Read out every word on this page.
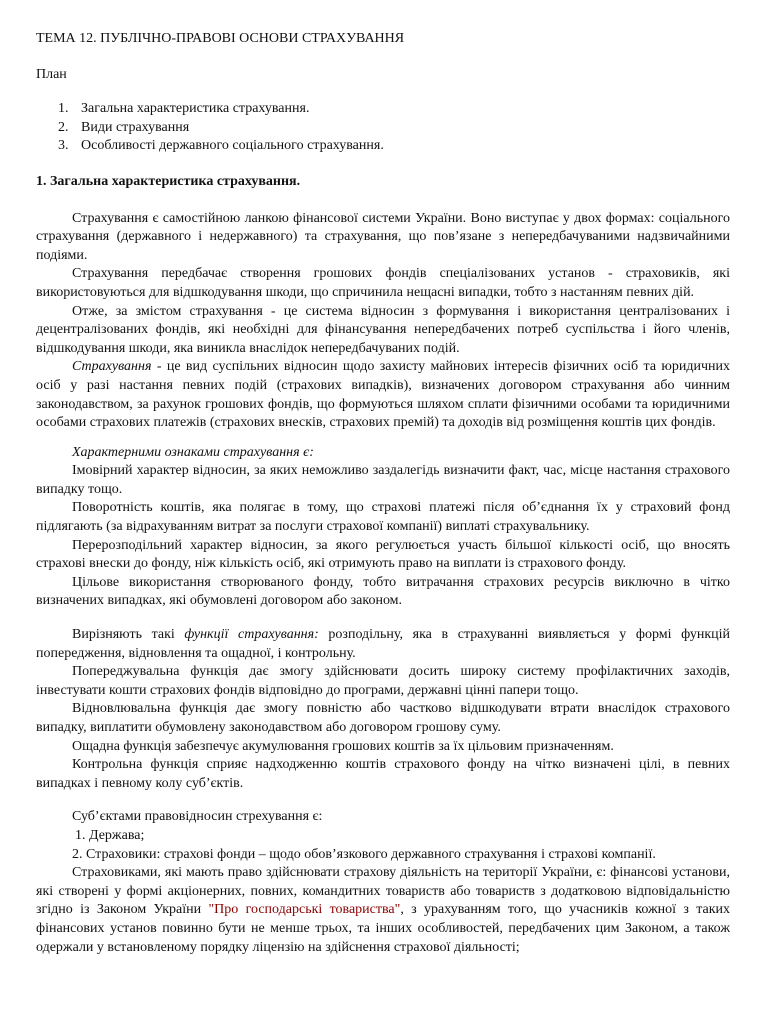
ТЕМА 12. ПУБЛІЧНО-ПРАВОВІ ОСНОВИ СТРАХУВАННЯ

План

1. Загальна характеристика страхування.
2. Види страхування
3. Особливості державного соціального страхування.

1. Загальна характеристика страхування.

Страхування є самостійною ланкою фінансової системи України. Воно виступає у двох формах: соціального страхування (державного і недержавного) та страхування, що пов’язане з непередбачуваними надзвичайними подіями.

Страхування передбачає створення грошових фондів спеціалізованих установ - страховиків, які використовуються для відшкодування шкоди, що спричинила нещасні випадки, тобто з настанням певних дій.

Отже, за змістом страхування - це система відносин з формування і використання централізованих і децентралізованих фондів, які необхідні для фінансування непередбачених потреб суспільства і його членів, відшкодування шкоди, яка виникла внаслідок непередбачуваних подій.

Страхування - це вид суспільних відносин щодо захисту майнових інтересів фізичних осіб та юридичних осіб у разі настання певних подій (страхових випадків), визначених договором страхування або чинним законодавством, за рахунок грошових фондів, що формуються шляхом сплати фізичними особами та юридичними особами страхових платежів (страхових внесків, страхових премій) та доходів від розміщення коштів цих фондів.

Характерними ознаками страхування є:

Імовірний характер відносин, за яких неможливо заздалегідь визначити факт, час, місце настання страхового випадку тощо.

Поворотність коштів, яка полягає в тому, що страхові платежі після об’єднання їх у страховий фонд підлягають (за відрахуванням витрат за послуги страхової компанії) виплаті страхувальнику.

Перерозподільний характер відносин, за якого регулюється участь більшої кількості осіб, що вносять страхові внески до фонду, ніж кількість осіб, які отримують право на виплати із страхового фонду.

Цільове використання створюваного фонду, тобто витрачання страхових ресурсів виключно в чітко визначених випадках, які обумовлені договором або законом.

Вирізняють такі функції страхування: розподільну, яка в страхуванні виявляється у формі функцій попередження, відновлення та ощадної, і контрольну.

Попереджувальна функція дає змогу здійснювати досить широку систему профілактичних заходів, інвестувати кошти страхових фондів відповідно до програми, державні цінні папери тощо.

Відновлювальна функція дає змогу повністю або частково відшкодувати втрати внаслідок страхового випадку, виплатити обумовлену законодавством або договором грошову суму.

Ощадна функція забезпечує акумулювання грошових коштів за їх цільовим призначенням.

Контрольна функція сприяє надходженню коштів страхового фонду на чітко визначені цілі, в певних випадках і певному колу суб’єктів.

Суб’єктами правовідносин стрехування є:

1. Держава;

2. Страховики: страхові фонди – щодо обов’язкового державного страхування і страхові компанії.

Страховиками, які мають право здійснювати страхову діяльність на території України, є: фінансові установи, які створені у формі акціонерних, повних, командитних товариств або товариств з додатковою відповідальністю згідно із Законом України "Про господарські товариства", з урахуванням того, що учасників кожної з таких фінансових установ повинно бути не менше трьох, та інших особливостей, передбачених цим Законом, а також одержали у встановленому порядку ліцензію на здійснення страхової діяльності;
